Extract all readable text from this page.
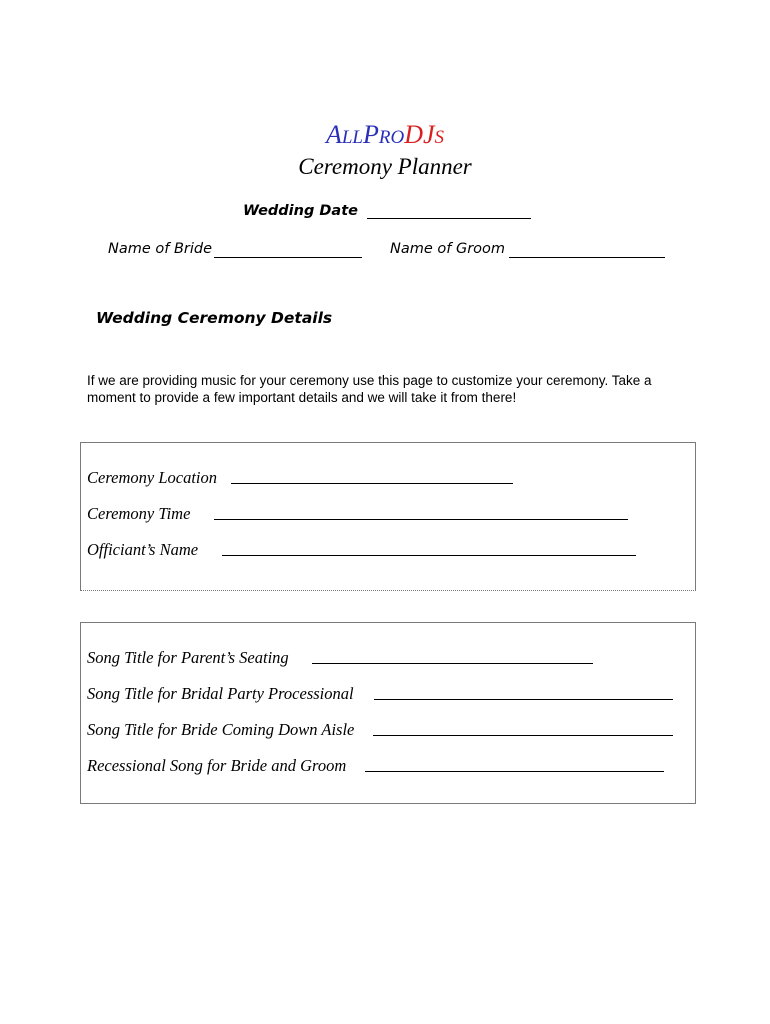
ALLPRODJS
Ceremony Planner
Wedding Date
Name of Bride	Name of Groom
Wedding Ceremony Details
If we are providing music for your ceremony use this page to customize your ceremony. Take a moment to provide a few important details and we will take it from there!
Ceremony Location
Ceremony Time
Officiant’s Name
Song Title for Parent’s Seating
Song Title for Bridal Party Processional
Song Title for Bride Coming Down Aisle
Recessional Song for Bride and Groom
